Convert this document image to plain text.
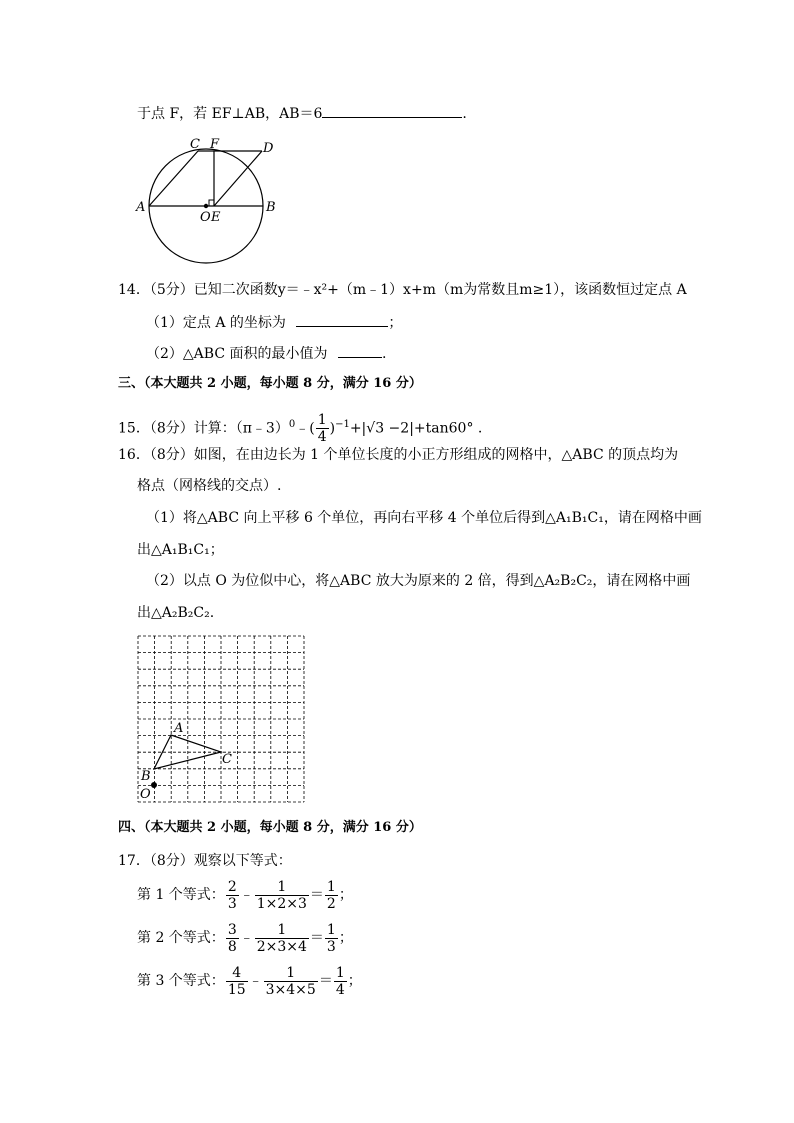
于点 F，若 EF⊥AB，AB＝6	.
A	B
C F	D
O E
14．（5分）已知二次函数y＝﹣x²+（m﹣1）x+m（m为常数且m≥1），该函数恒过定点 A
（1）定点 A 的坐标为	；
（2）△ABC 面积的最小值为	.
三、（本大题共 2 小题，每小题 8 分，满分 16 分）
15．（8分）计算：（π﹣3）$^0$﹣( $\frac{1}{4} )^{-1}+|√3 -2|+\tan 60^\circ$ .
16．（8分）如图，在由边长为 1 个单位长度的小正方形组成的网格中，△ABC 的顶点均为
格点（网格线的交点）.
（1）将△ABC 向上平移 6 个单位，再向右平移 4 个单位后得到△A₁B₁C₁，请在网格中画
出△A₁B₁C₁；
（2）以点 O 为位似中心，将△ABC 放大为原来的 2 倍，得到△A₂B₂C₂，请在网格中画
出△A₂B₂C₂.
A
B
C
O
四、（本大题共 2 小题，每小题 8 分，满分 16 分）
17．（8分）观察以下等式：
第 1 个等式： $\frac{2}{3}$ ﹣ $\frac{1}{1\times 2\times 3} = \frac{1}{2}$ ；
第 2 个等式： $\frac{3}{8}$ ﹣ $\frac{1}{2\times 3\times 4} = \frac{1}{3}$ ；
第 3 个等式： $\frac{4}{15}$ ﹣ $\frac{1}{3\times 4\times 5} = \frac{1}{4}$ ；
